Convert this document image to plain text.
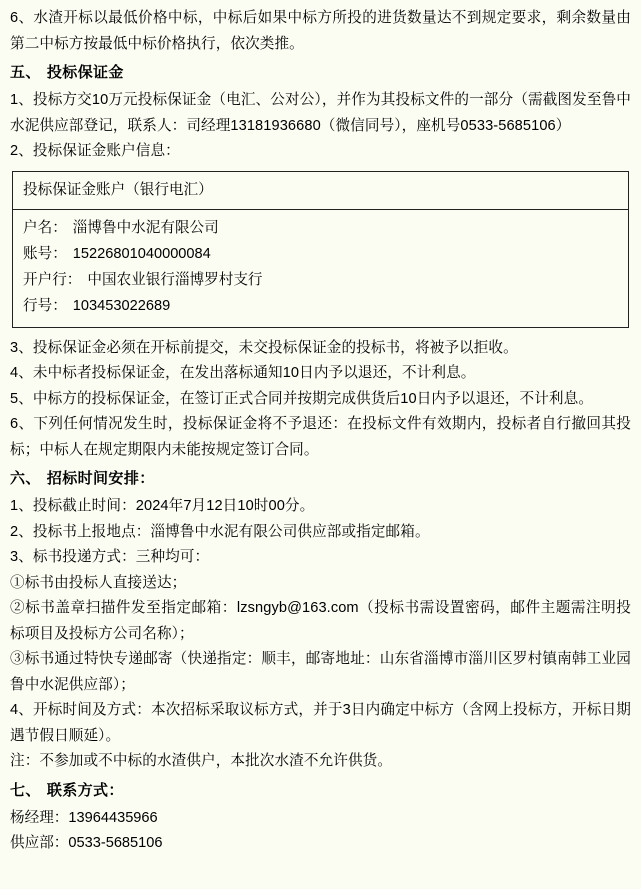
6、水渣开标以最低价格中标，中标后如果中标方所投的进货数量达不到规定要求，剩余数量由第二中标方按最低中标价格执行，依次类推。
五、 投标保证金
1、投标方交10万元投标保证金（电汇、公对公），并作为其投标文件的一部分（需截图发至鲁中水泥供应部登记，联系人：司经理13181936680（微信同号），座机号0533-5685106）
2、投标保证金账户信息：
投标保证金账户（银行电汇）
户名： 淄博鲁中水泥有限公司
账号： 15226801040000084
开户行： 中国农业银行淄博罗村支行
行号： 103453022689
3、投标保证金必须在开标前提交，未交投标保证金的投标书，将被予以拒收。
4、未中标者投标保证金，在发出落标通知10日内予以退还，不计利息。
5、中标方的投标保证金，在签订正式合同并按期完成供货后10日内予以退还，不计利息。
6、下列任何情况发生时，投标保证金将不予退还：在投标文件有效期内，投标者自行撤回其投标；中标人在规定期限内未能按规定签订合同。
六、 招标时间安排：
1、投标截止时间：2024年7月12日10时00分。
2、投标书上报地点：淄博鲁中水泥有限公司供应部或指定邮箱。
3、标书投递方式：三种均可：
①标书由投标人直接送达；
②标书盖章扫描件发至指定邮箱：lzsngyb@163.com（投标书需设置密码，邮件主题需注明投标项目及投标方公司名称）；
③标书通过特快专递邮寄（快递指定：顺丰，邮寄地址：山东省淄博市淄川区罗村镇南韩工业园鲁中水泥供应部）；
4、开标时间及方式：本次招标采取议标方式，并于3日内确定中标方（含网上投标方，开标日期遇节假日顺延）。
注：不参加或不中标的水渣供户，本批次水渣不允许供货。
七、 联系方式：
杨经理：13964435966
供应部：0533-5685106
